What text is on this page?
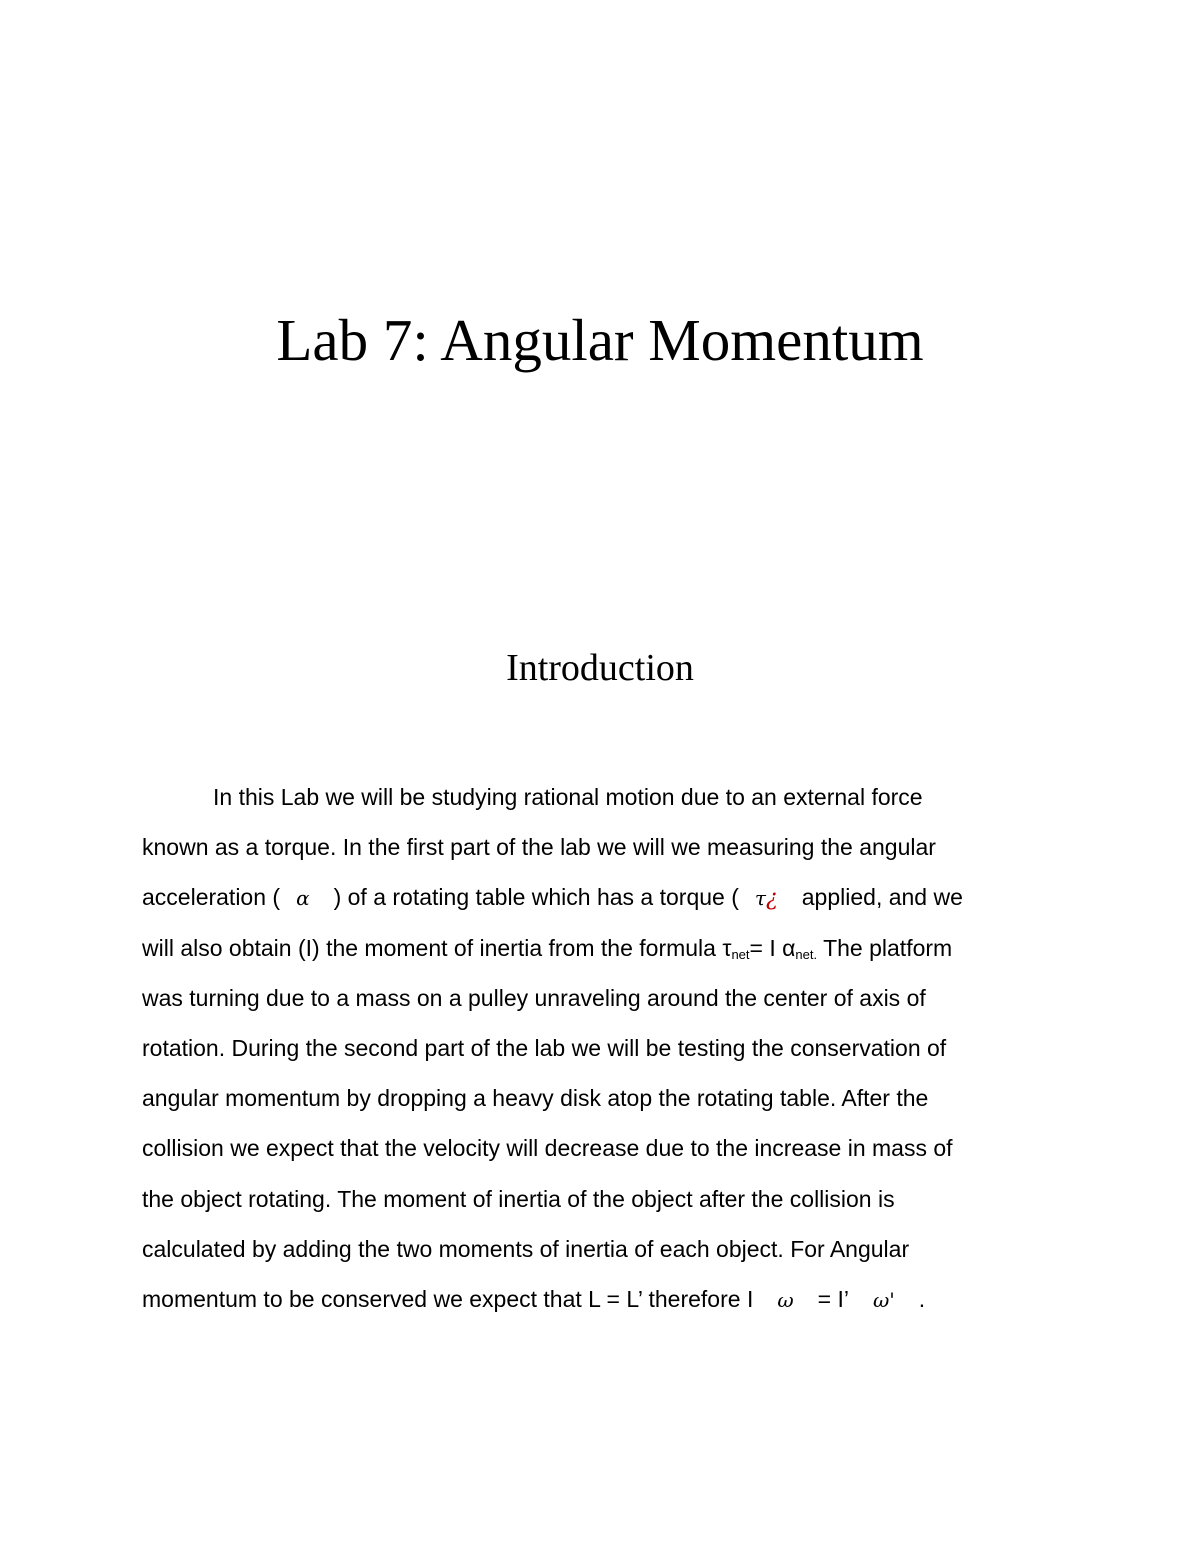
Lab 7: Angular Momentum
Introduction
In this Lab we will be studying rational motion due to an external force
known as a torque. In the first part of the lab we will we measuring the angular
acceleration ( α ) of a rotating table which has a torque ( τ¿ applied, and we
will also obtain (I) the moment of inertia from the formula $\tau_{net}= I$ $\alpha_{net.}$ The platform
was turning due to a mass on a pulley unraveling around the center of axis of
rotation. During the second part of the lab we will be testing the conservation of
angular momentum by dropping a heavy disk atop the rotating table. After the
collision we expect that the velocity will decrease due to the increase in mass of
the object rotating. The moment of inertia of the object after the collision is
calculated by adding the two moments of inertia of each object. For Angular
momentum to be conserved we expect that L = L’ therefore I ω = I’ ω' .
